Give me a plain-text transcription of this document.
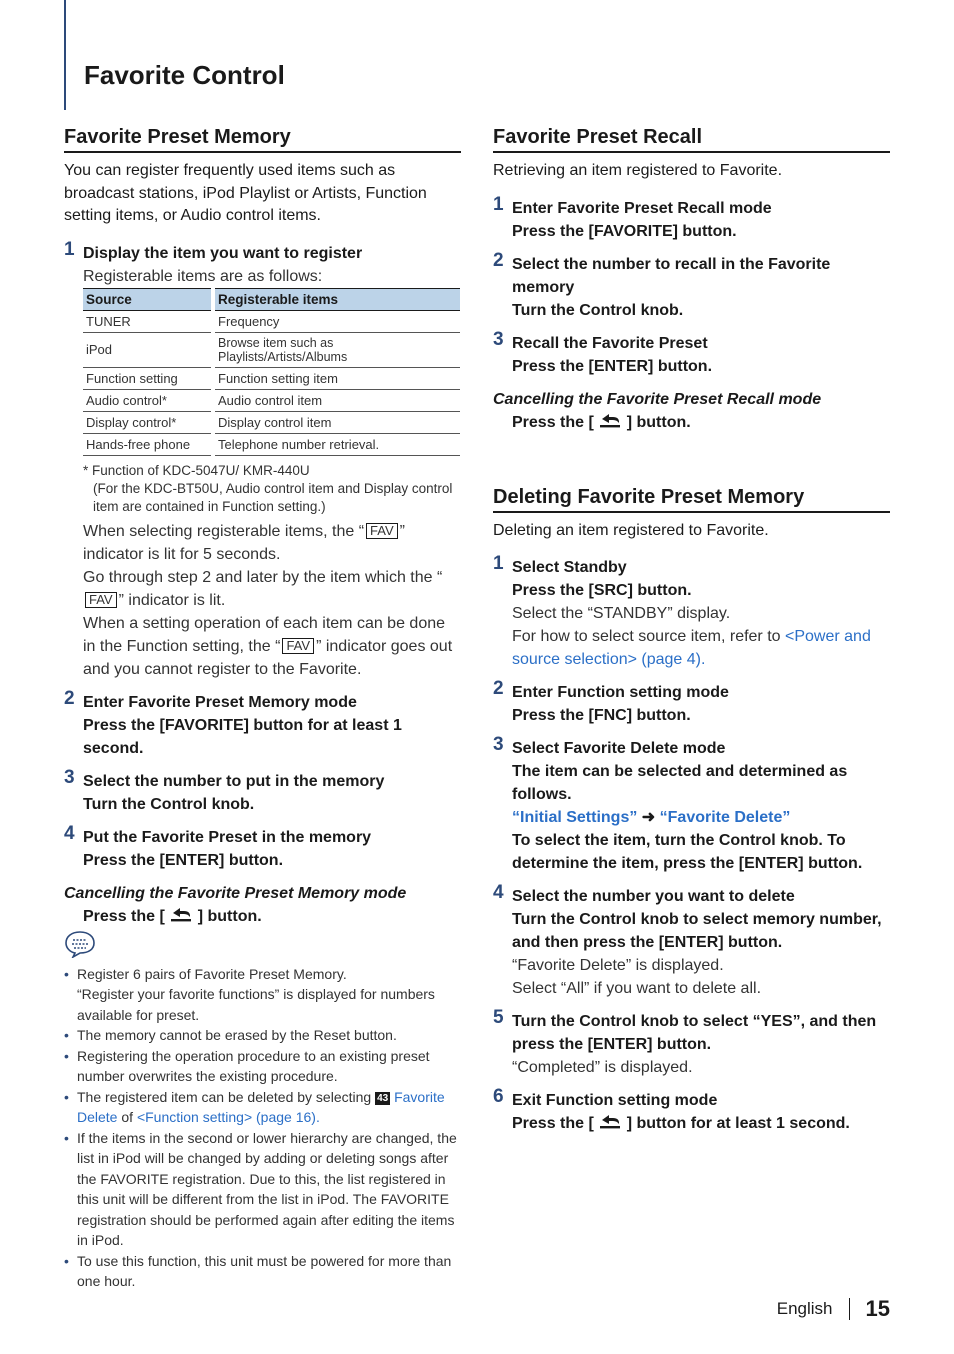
Favorite Control
Favorite Preset Memory

You can register frequently used items such as broadcast stations, iPod Playlist or Artists, Function setting items, or Audio control items.

1 Display the item you want to register
Registerable items are as follows:
Source	Registerable items
TUNER	Frequency
iPod	Browse item such as Playlists/Artists/Albums
Function setting	Function setting item
Audio control*	Audio control item
Display control*	Display control item
Hands-free phone	Telephone number retrieval.
* Function of KDC-5047U/ KMR-440U
(For the KDC-BT50U, Audio control item and Display control item are contained in Function setting.)
When selecting registerable items, the “ FAV ” indicator is lit for 5 seconds.
Go through step 2 and later by the item which the “FAV ” indicator is lit.
When a setting operation of each item can be done in the Function setting, the “ FAV ” indicator goes out and you cannot register to the Favorite.
2 Enter Favorite Preset Memory mode
Press the [FAVORITE] button for at least 1 second.
3 Select the number to put in the memory
Turn the Control knob.
4 Put the Favorite Preset in the memory
Press the [ENTER] button.
Cancelling the Favorite Preset Memory mode
Press the [ ] button.
• Register 6 pairs of Favorite Preset Memory.
“Register your favorite functions” is displayed for numbers available for preset.
• The memory cannot be erased by the Reset button.
• Registering the operation procedure to an existing preset number overwrites the existing procedure.
• The registered item can be deleted by selecting 43 Favorite Delete of <Function setting> (page 16).
• If the items in the second or lower hierarchy are changed, the list in iPod will be changed by adding or deleting songs after the FAVORITE registration. Due to this, the list registered in this unit will be different from the list in iPod. The FAVORITE registration should be performed again after editing the items in iPod.
• To use this function, this unit must be powered for more than one hour.
Favorite Preset Recall

Retrieving an item registered to Favorite.

1 Enter Favorite Preset Recall mode
Press the [FAVORITE] button.
2 Select the number to recall in the Favorite memory
Turn the Control knob.
3 Recall the Favorite Preset
Press the [ENTER] button.
Cancelling the Favorite Preset Recall mode
Press the [ ] button.
Deleting Favorite Preset Memory

Deleting an item registered to Favorite.

1 Select Standby
Press the [SRC] button.
Select the “STANDBY” display.
For how to select source item, refer to <Power and source selection> (page 4).
2 Enter Function setting mode
Press the [FNC] button.
3 Select Favorite Delete mode
The item can be selected and determined as follows.
“Initial Settings” ➜ “Favorite Delete”
To select the item, turn the Control knob. To determine the item, press the [ENTER] button.
4 Select the number you want to delete
Turn the Control knob to select memory number, and then press the [ENTER] button.
“Favorite Delete” is displayed.
Select “All” if you want to delete all.
5 Turn the Control knob to select “YES”, and then press the [ENTER] button.
“Completed” is displayed.
6 Exit Function setting mode
Press the [ ] button for at least 1 second.
English 15
